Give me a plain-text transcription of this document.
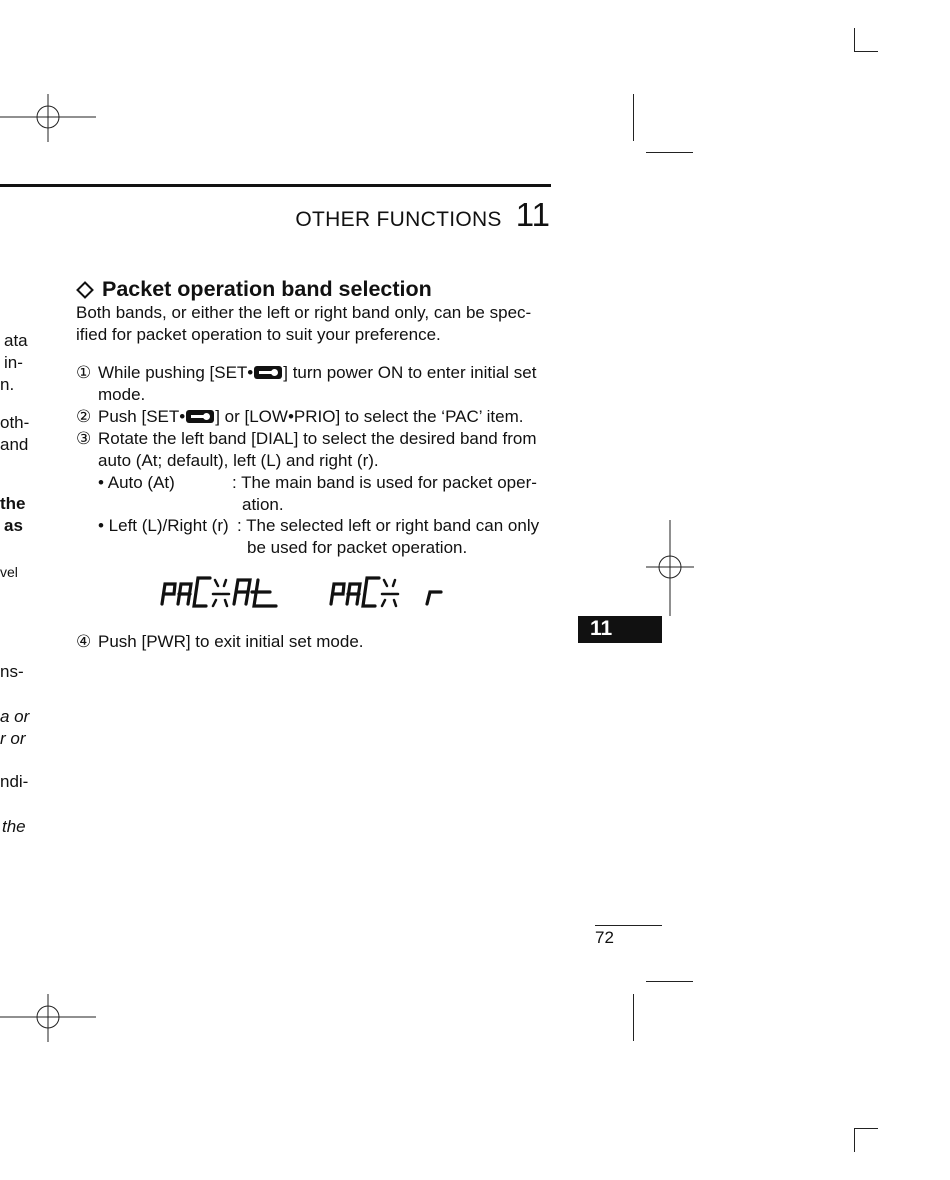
ata
in-
n.
oth-
and
the
as
vel
ns-
a or
r or
ndi-
the
OTHER FUNCTIONS 11
Packet operation band selection
Both bands, or either the left or right band only, can be spec-
ified for packet operation to suit your preference.
① While pushing [SET• ] turn power ON to enter initial set
mode.
② Push [SET• ] or [LOW•PRIO] to select the ‘PAC’ item.
③ Rotate the left band [DIAL] to select the desired band from
auto (At; default), left (L) and right (r).
• Auto (At)	: The main band is used for packet oper-
ation.
• Left (L)/Right (r) : The selected left or right band can only
be used for packet operation.
④ Push [PWR] to exit initial set mode.
11
72
